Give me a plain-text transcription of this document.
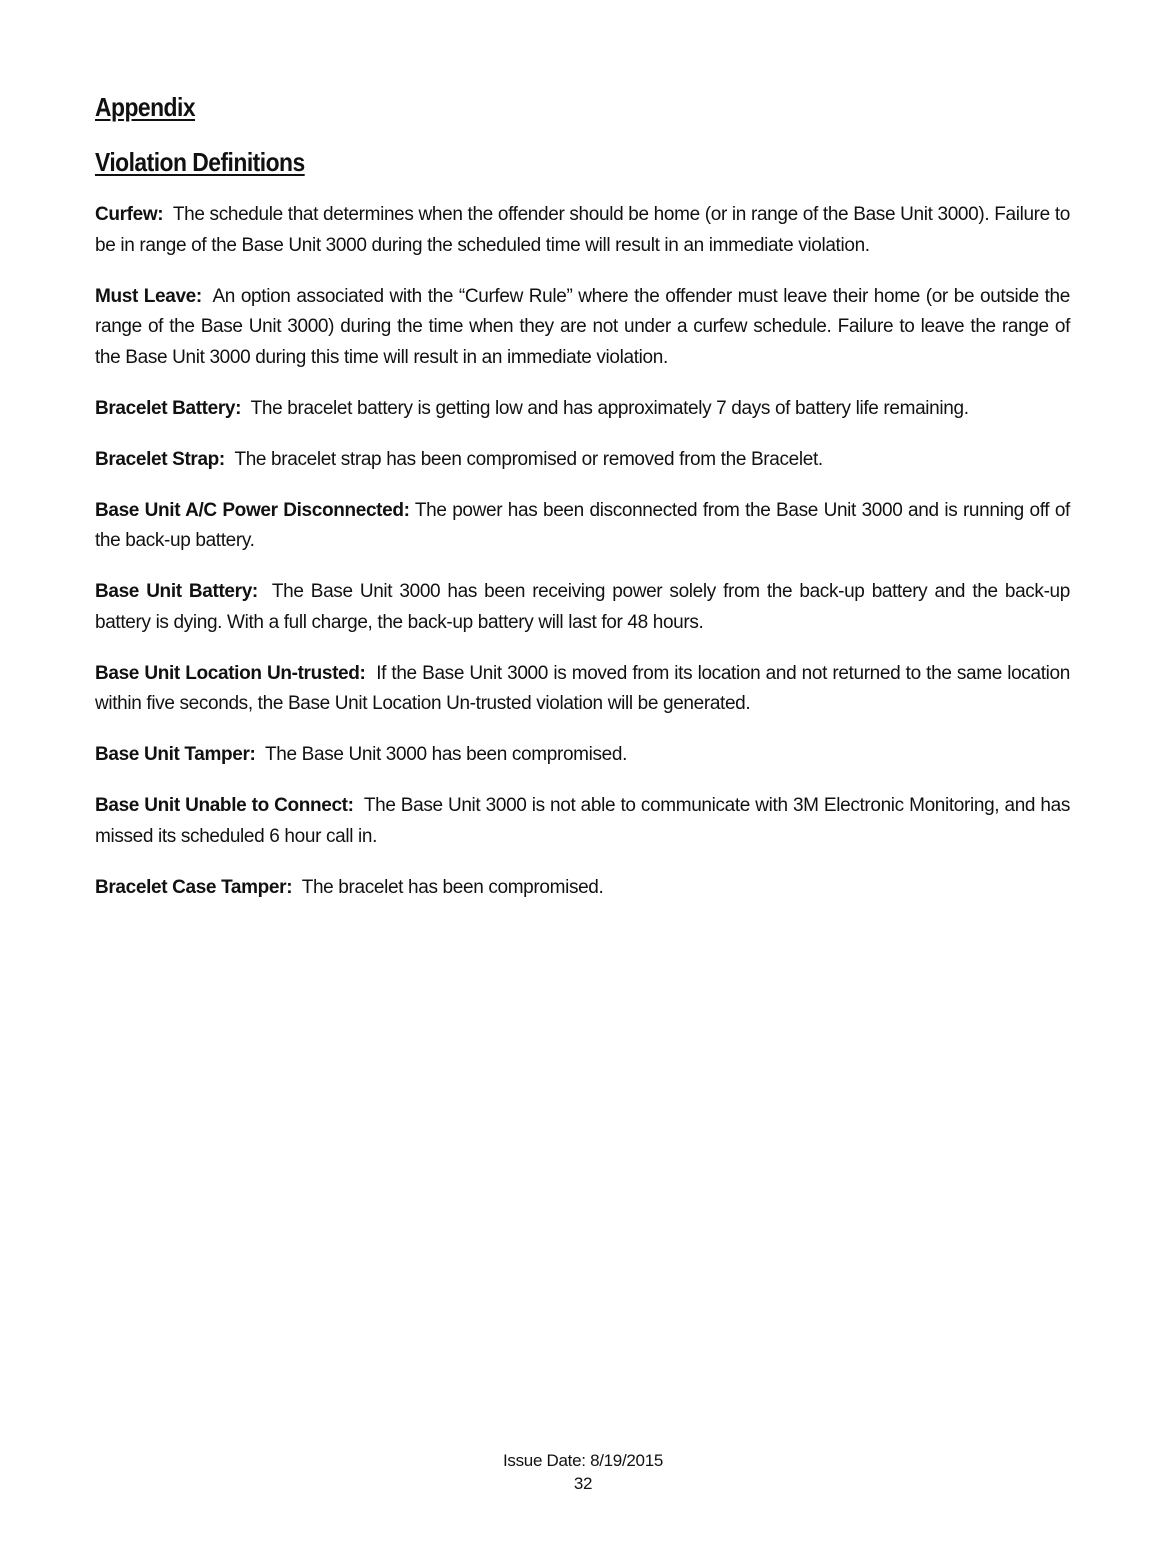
Appendix
Violation Definitions

Curfew: The schedule that determines when the offender should be home (or in range of the Base Unit 3000). Failure to be in range of the Base Unit 3000 during the scheduled time will result in an immediate violation.

Must Leave: An option associated with the “Curfew Rule” where the offender must leave their home (or be outside the range of the Base Unit 3000) during the time when they are not under a curfew schedule. Failure to leave the range of the Base Unit 3000 during this time will result in an immediate violation.

Bracelet Battery: The bracelet battery is getting low and has approximately 7 days of battery life remaining.

Bracelet Strap: The bracelet strap has been compromised or removed from the Bracelet.

Base Unit A/C Power Disconnected: The power has been disconnected from the Base Unit 3000 and is running off of the back-up battery.

Base Unit Battery: The Base Unit 3000 has been receiving power solely from the back-up battery and the back-up battery is dying. With a full charge, the back-up battery will last for 48 hours.

Base Unit Location Un-trusted: If the Base Unit 3000 is moved from its location and not returned to the same location within five seconds, the Base Unit Location Un-trusted violation will be generated.

Base Unit Tamper: The Base Unit 3000 has been compromised.

Base Unit Unable to Connect: The Base Unit 3000 is not able to communicate with 3M Electronic Monitoring, and has missed its scheduled 6 hour call in.

Bracelet Case Tamper: The bracelet has been compromised.

Issue Date: 8/19/2015
32
